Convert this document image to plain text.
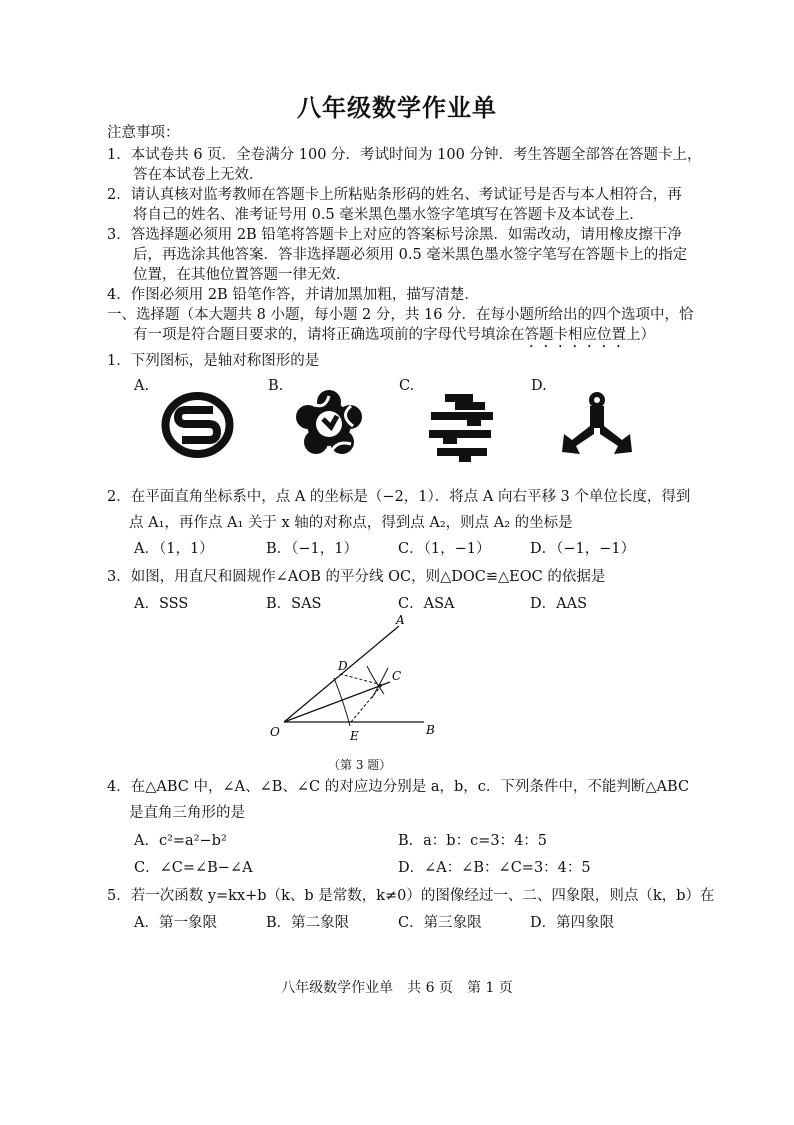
八年级数学作业单
注意事项：
1．本试卷共 6 页．全卷满分 100 分．考试时间为 100 分钟．考生答题全部答在答题卡上，
答在本试卷上无效．
2．请认真核对监考教师在答题卡上所粘贴条形码的姓名、考试证号是否与本人相符合，再
将自己的姓名、准考证号用 0.5 毫米黑色墨水签字笔填写在答题卡及本试卷上．
3．答选择题必须用 2B 铅笔将答题卡上对应的答案标号涂黑．如需改动，请用橡皮擦干净
后，再选涂其他答案．答非选择题必须用 0.5 毫米黑色墨水签字笔写在答题卡上的指定
位置，在其他位置答题一律无效．
4．作图必须用 2B 铅笔作答，并请加黑加粗，描写清楚．
一、选择题（本大题共 8 小题，每小题 2 分，共 16 分．在每小题所给出的四个选项中，恰
有一项是符合题目要求的，请将正确选项前的字母代号填涂在答题卡相应位置上）
1．下列图标，是轴对称图形的是
A.	B.	C.	D.
2．在平面直角坐标系中，点 A 的坐标是（−2，1）．将点 A 向右平移 3 个单位长度，得到
点 A₁，再作点 A₁ 关于 x 轴的对称点，得到点 A₂，则点 A₂ 的坐标是
A．（1，1）	B．（−1，1）	C．（1，−1）	D．（−1，−1）
3．如图，用直尺和圆规作∠AOB 的平分线 OC，则△DOC≌△EOC 的依据是
A．SSS	B．SAS	C．ASA	D．AAS
A
B
C
D
E
O
（第 3 题）
4．在△ABC 中，∠A、∠B、∠C 的对应边分别是 a，b，c．下列条件中，不能判断△ABC
是直角三角形的是
A．c²=a²−b²	B．a：b：c=3：4：5
C．∠C=∠B−∠A	D．∠A：∠B：∠C=3：4：5
5．若一次函数 y=kx+b（k、b 是常数，k≠0）的图像经过一、二、四象限，则点（k，b）在
A．第一象限	B．第二象限	C．第三象限	D．第四象限
八年级数学作业单　共 6 页　第 1 页
